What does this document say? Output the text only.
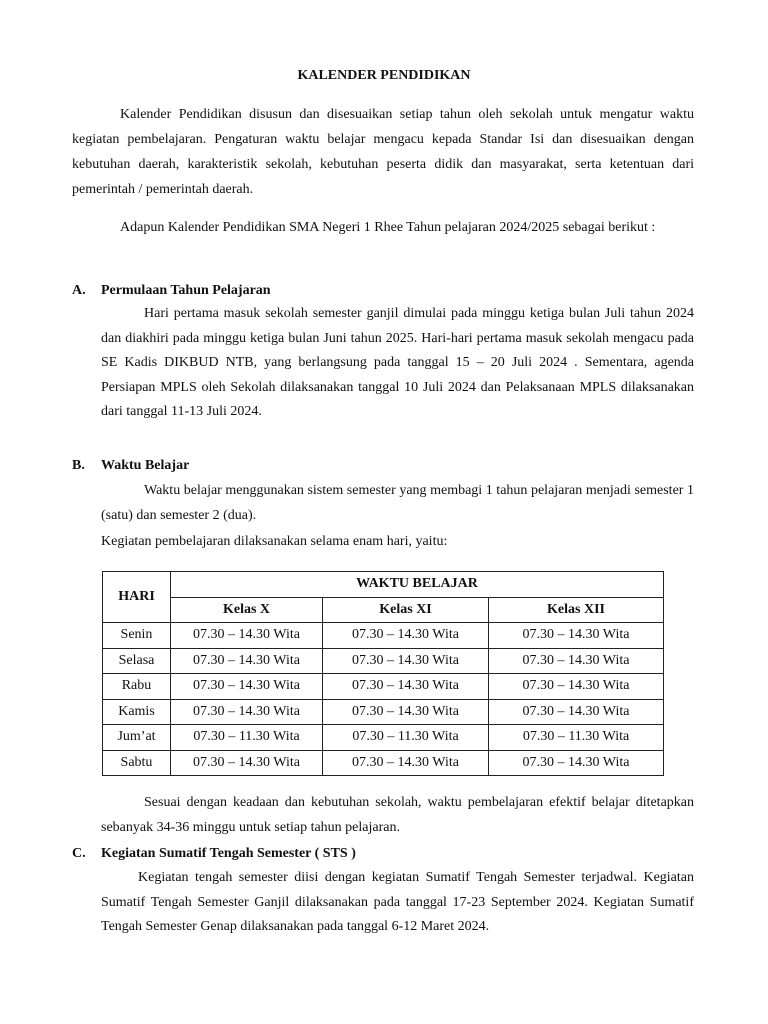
KALENDER PENDIDIKAN

Kalender Pendidikan disusun dan disesuaikan setiap tahun oleh sekolah untuk mengatur waktu kegiatan pembelajaran. Pengaturan waktu belajar mengacu kepada Standar Isi dan disesuaikan dengan kebutuhan daerah, karakteristik sekolah, kebutuhan peserta didik dan masyarakat, serta ketentuan dari pemerintah / pemerintah daerah.

Adapun Kalender Pendidikan SMA Negeri 1 Rhee Tahun pelajaran 2024/2025 sebagai berikut :

A. Permulaan Tahun Pelajaran

Hari pertama masuk sekolah semester ganjil dimulai pada minggu ketiga bulan Juli tahun 2024 dan diakhiri pada minggu ketiga bulan Juni tahun 2025. Hari-hari pertama masuk sekolah mengacu pada SE Kadis DIKBUD NTB, yang berlangsung pada tanggal 15 – 20 Juli 2024 . Sementara, agenda Persiapan MPLS oleh Sekolah dilaksanakan tanggal 10 Juli 2024 dan Pelaksanaan MPLS dilaksanakan dari tanggal 11-13 Juli 2024.

B. Waktu Belajar

Waktu belajar menggunakan sistem semester yang membagi 1 tahun pelajaran menjadi semester 1 (satu) dan semester 2 (dua).

Kegiatan pembelajaran dilaksanakan selama enam hari, yaitu:

HARI	WAKTU BELAJAR		
	Kelas X	Kelas XI	Kelas XII
Senin	07.30 – 14.30 Wita	07.30 – 14.30 Wita	07.30 – 14.30 Wita
Selasa	07.30 – 14.30 Wita	07.30 – 14.30 Wita	07.30 – 14.30 Wita
Rabu	07.30 – 14.30 Wita	07.30 – 14.30 Wita	07.30 – 14.30 Wita
Kamis	07.30 – 14.30 Wita	07.30 – 14.30 Wita	07.30 – 14.30 Wita
Jum’at	07.30 – 11.30 Wita	07.30 – 11.30 Wita	07.30 – 11.30 Wita
Sabtu	07.30 – 14.30 Wita	07.30 – 14.30 Wita	07.30 – 14.30 Wita

Sesuai dengan keadaan dan kebutuhan sekolah, waktu pembelajaran efektif belajar ditetapkan sebanyak 34-36 minggu untuk setiap tahun pelajaran.

C. Kegiatan Sumatif Tengah Semester ( STS )

Kegiatan tengah semester diisi dengan kegiatan Sumatif Tengah Semester terjadwal. Kegiatan Sumatif Tengah Semester Ganjil dilaksanakan pada tanggal 17-23 September 2024. Kegiatan Sumatif Tengah Semester Genap dilaksanakan pada tanggal 6-12 Maret 2024.
